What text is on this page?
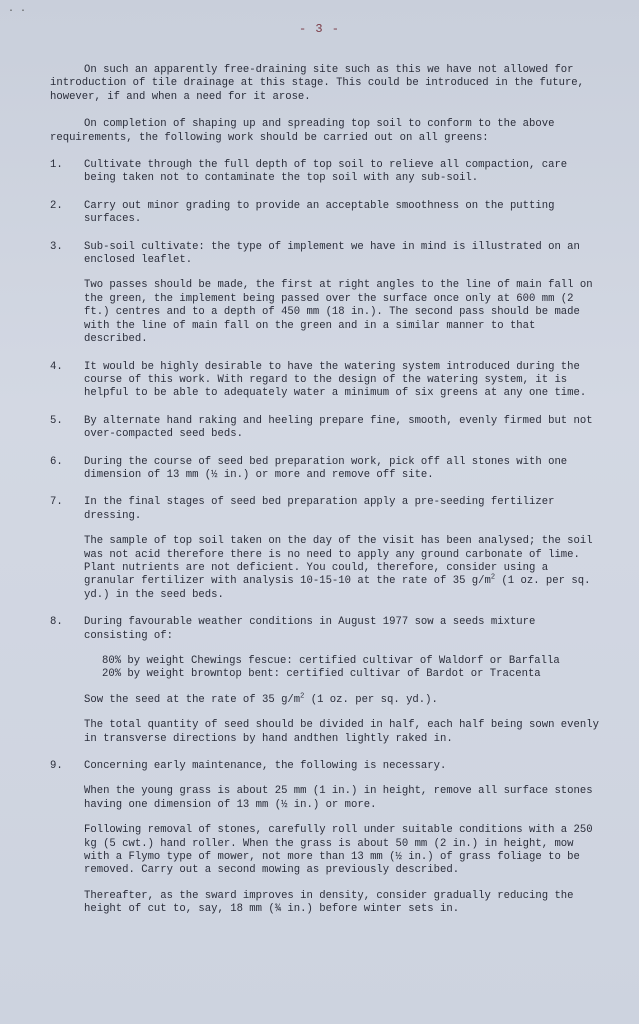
· ·
- 3 -

On such an apparently free-draining site such as this we have not allowed for introduction of tile drainage at this stage. This could be introduced in the future, however, if and when a need for it arose.

On completion of shaping up and spreading top soil to conform to the above requirements, the following work should be carried out on all greens:

1. Cultivate through the full depth of top soil to relieve all compaction, care being taken not to contaminate the top soil with any sub-soil.

2. Carry out minor grading to provide an acceptable smoothness on the putting surfaces.

3. Sub-soil cultivate: the type of implement we have in mind is illustrated on an enclosed leaflet.

Two passes should be made, the first at right angles to the line of main fall on the green, the implement being passed over the surface once only at 600 mm (2 ft.) centres and to a depth of 450 mm (18 in.). The second pass should be made with the line of main fall on the green and in a similar manner to that described.

4. It would be highly desirable to have the watering system introduced during the course of this work. With regard to the design of the watering system, it is helpful to be able to adequately water a minimum of six greens at any one time.

5. By alternate hand raking and heeling prepare fine, smooth, evenly firmed but not over-compacted seed beds.

6. During the course of seed bed preparation work, pick off all stones with one dimension of 13 mm (½ in.) or more and remove off site.

7. In the final stages of seed bed preparation apply a pre-seeding fertilizer dressing.

The sample of top soil taken on the day of the visit has been analysed; the soil was not acid therefore there is no need to apply any ground carbonate of lime. Plant nutrients are not deficient. You could, therefore, consider using a granular fertilizer with analysis 10-15-10 at the rate of 35 $g/m^2$ (1 oz. per sq. yd.) in the seed beds.

8. During favourable weather conditions in August 1977 sow a seeds mixture consisting of:

80% by weight Chewings fescue: certified cultivar of Waldorf or Barfalla

20% by weight browntop bent: certified cultivar of Bardot or Tracenta

Sow the seed at the rate of 35 $g/m^2$ (1 oz. per sq. yd.).

The total quantity of seed should be divided in half, each half being sown evenly in transverse directions by hand andthen lightly raked in.

9. Concerning early maintenance, the following is necessary.

When the young grass is about 25 mm (1 in.) in height, remove all surface stones having one dimension of 13 mm (½ in.) or more.

Following removal of stones, carefully roll under suitable conditions with a 250 kg (5 cwt.) hand roller. When the grass is about 50 mm (2 in.) in height, mow with a Flymo type of mower, not more than 13 mm (½ in.) of grass foliage to be removed. Carry out a second mowing as previously described.

Thereafter, as the sward improves in density, consider gradually reducing the height of cut to, say, 18 mm (¾ in.) before winter sets in.
